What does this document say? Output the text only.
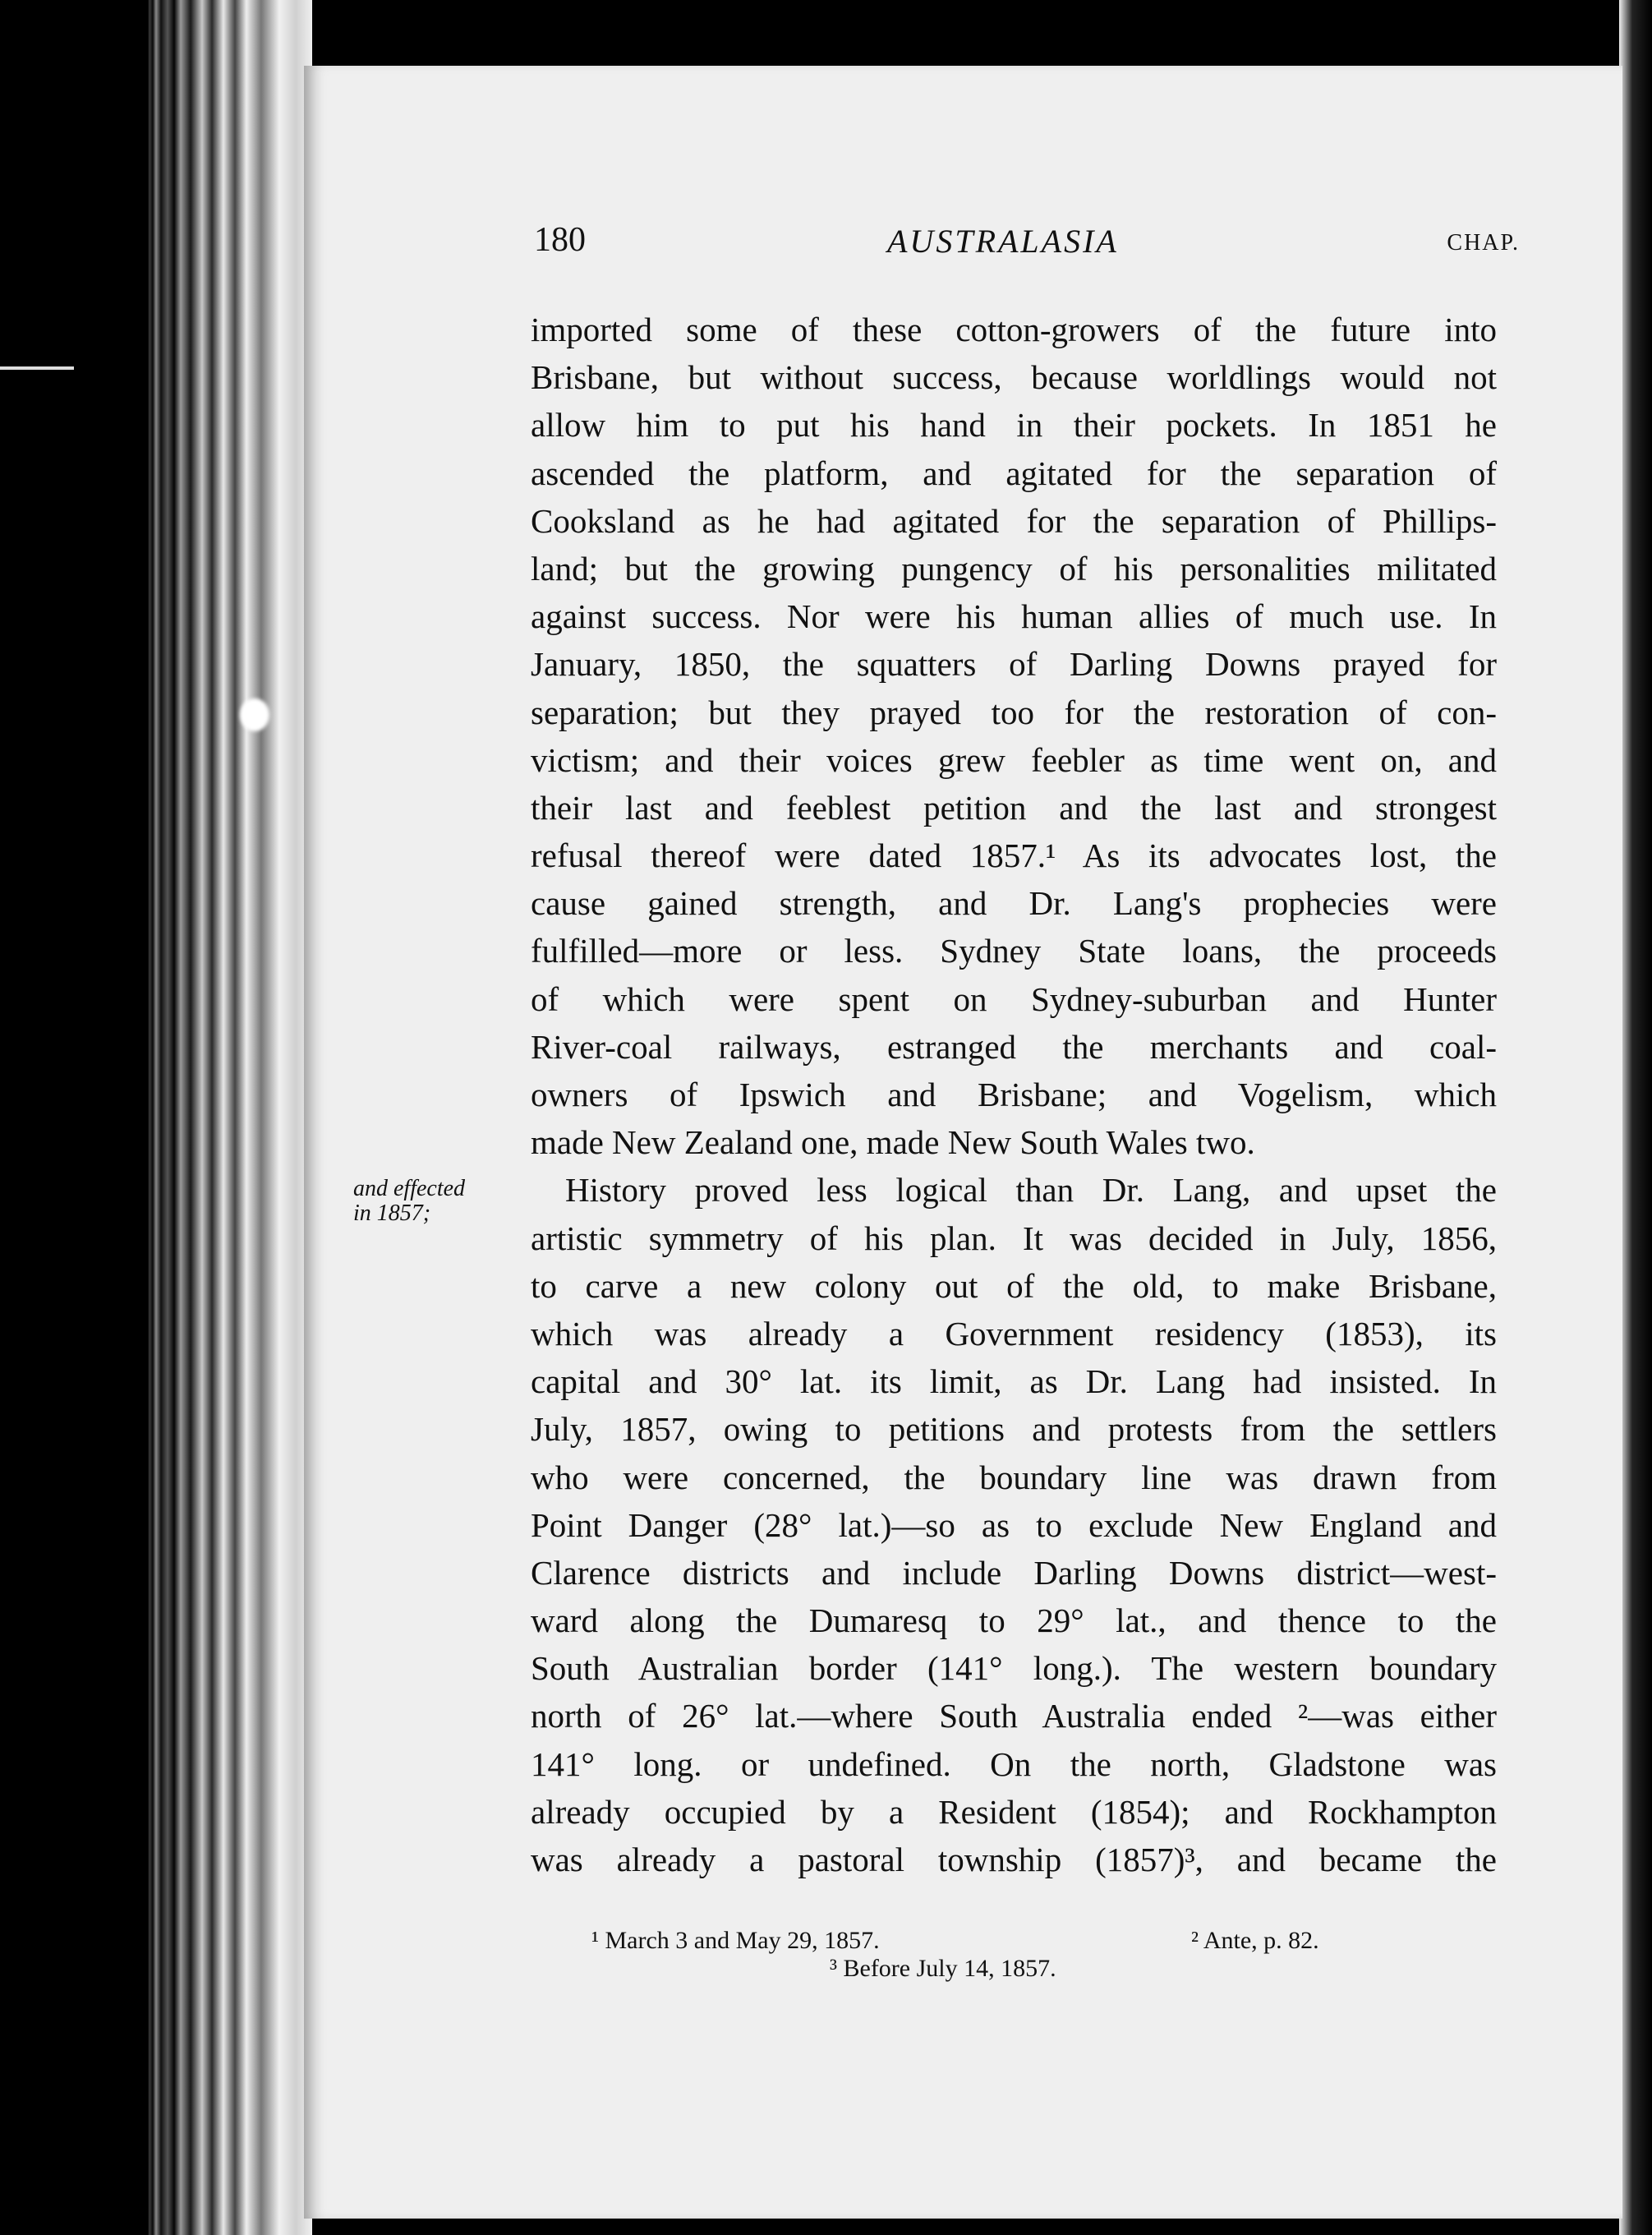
180	AUSTRALASIA	CHAP.
and effected
in 1857;
imported some of these cotton-growers of the future into
Brisbane, but without success, because worldlings would not
allow him to put his hand in their pockets. In 1851 he
ascended the platform, and agitated for the separation of
Cooksland as he had agitated for the separation of Phillips-
land; but the growing pungency of his personalities militated
against success. Nor were his human allies of much use. In
January, 1850, the squatters of Darling Downs prayed for
separation; but they prayed too for the restoration of con-
victism; and their voices grew feebler as time went on, and
their last and feeblest petition and the last and strongest
refusal thereof were dated 1857.¹ As its advocates lost, the
cause gained strength, and Dr. Lang's prophecies were
fulfilled—more or less. Sydney State loans, the proceeds
of which were spent on Sydney-suburban and Hunter
River-coal railways, estranged the merchants and coal-
owners of Ipswich and Brisbane; and Vogelism, which
made New Zealand one, made New South Wales two.
History proved less logical than Dr. Lang, and upset the
artistic symmetry of his plan. It was decided in July, 1856,
to carve a new colony out of the old, to make Brisbane,
which was already a Government residency (1853), its
capital and 30° lat. its limit, as Dr. Lang had insisted. In
July, 1857, owing to petitions and protests from the settlers
who were concerned, the boundary line was drawn from
Point Danger (28° lat.)—so as to exclude New England and
Clarence districts and include Darling Downs district—west-
ward along the Dumaresq to 29° lat., and thence to the
South Australian border (141° long.). The western boundary
north of 26° lat.—where South Australia ended ²—was either
141° long. or undefined. On the north, Gladstone was
already occupied by a Resident (1854); and Rockhampton
was already a pastoral township (1857)³, and became the
¹ March 3 and May 29, 1857.	² Ante, p. 82.
³ Before July 14, 1857.
